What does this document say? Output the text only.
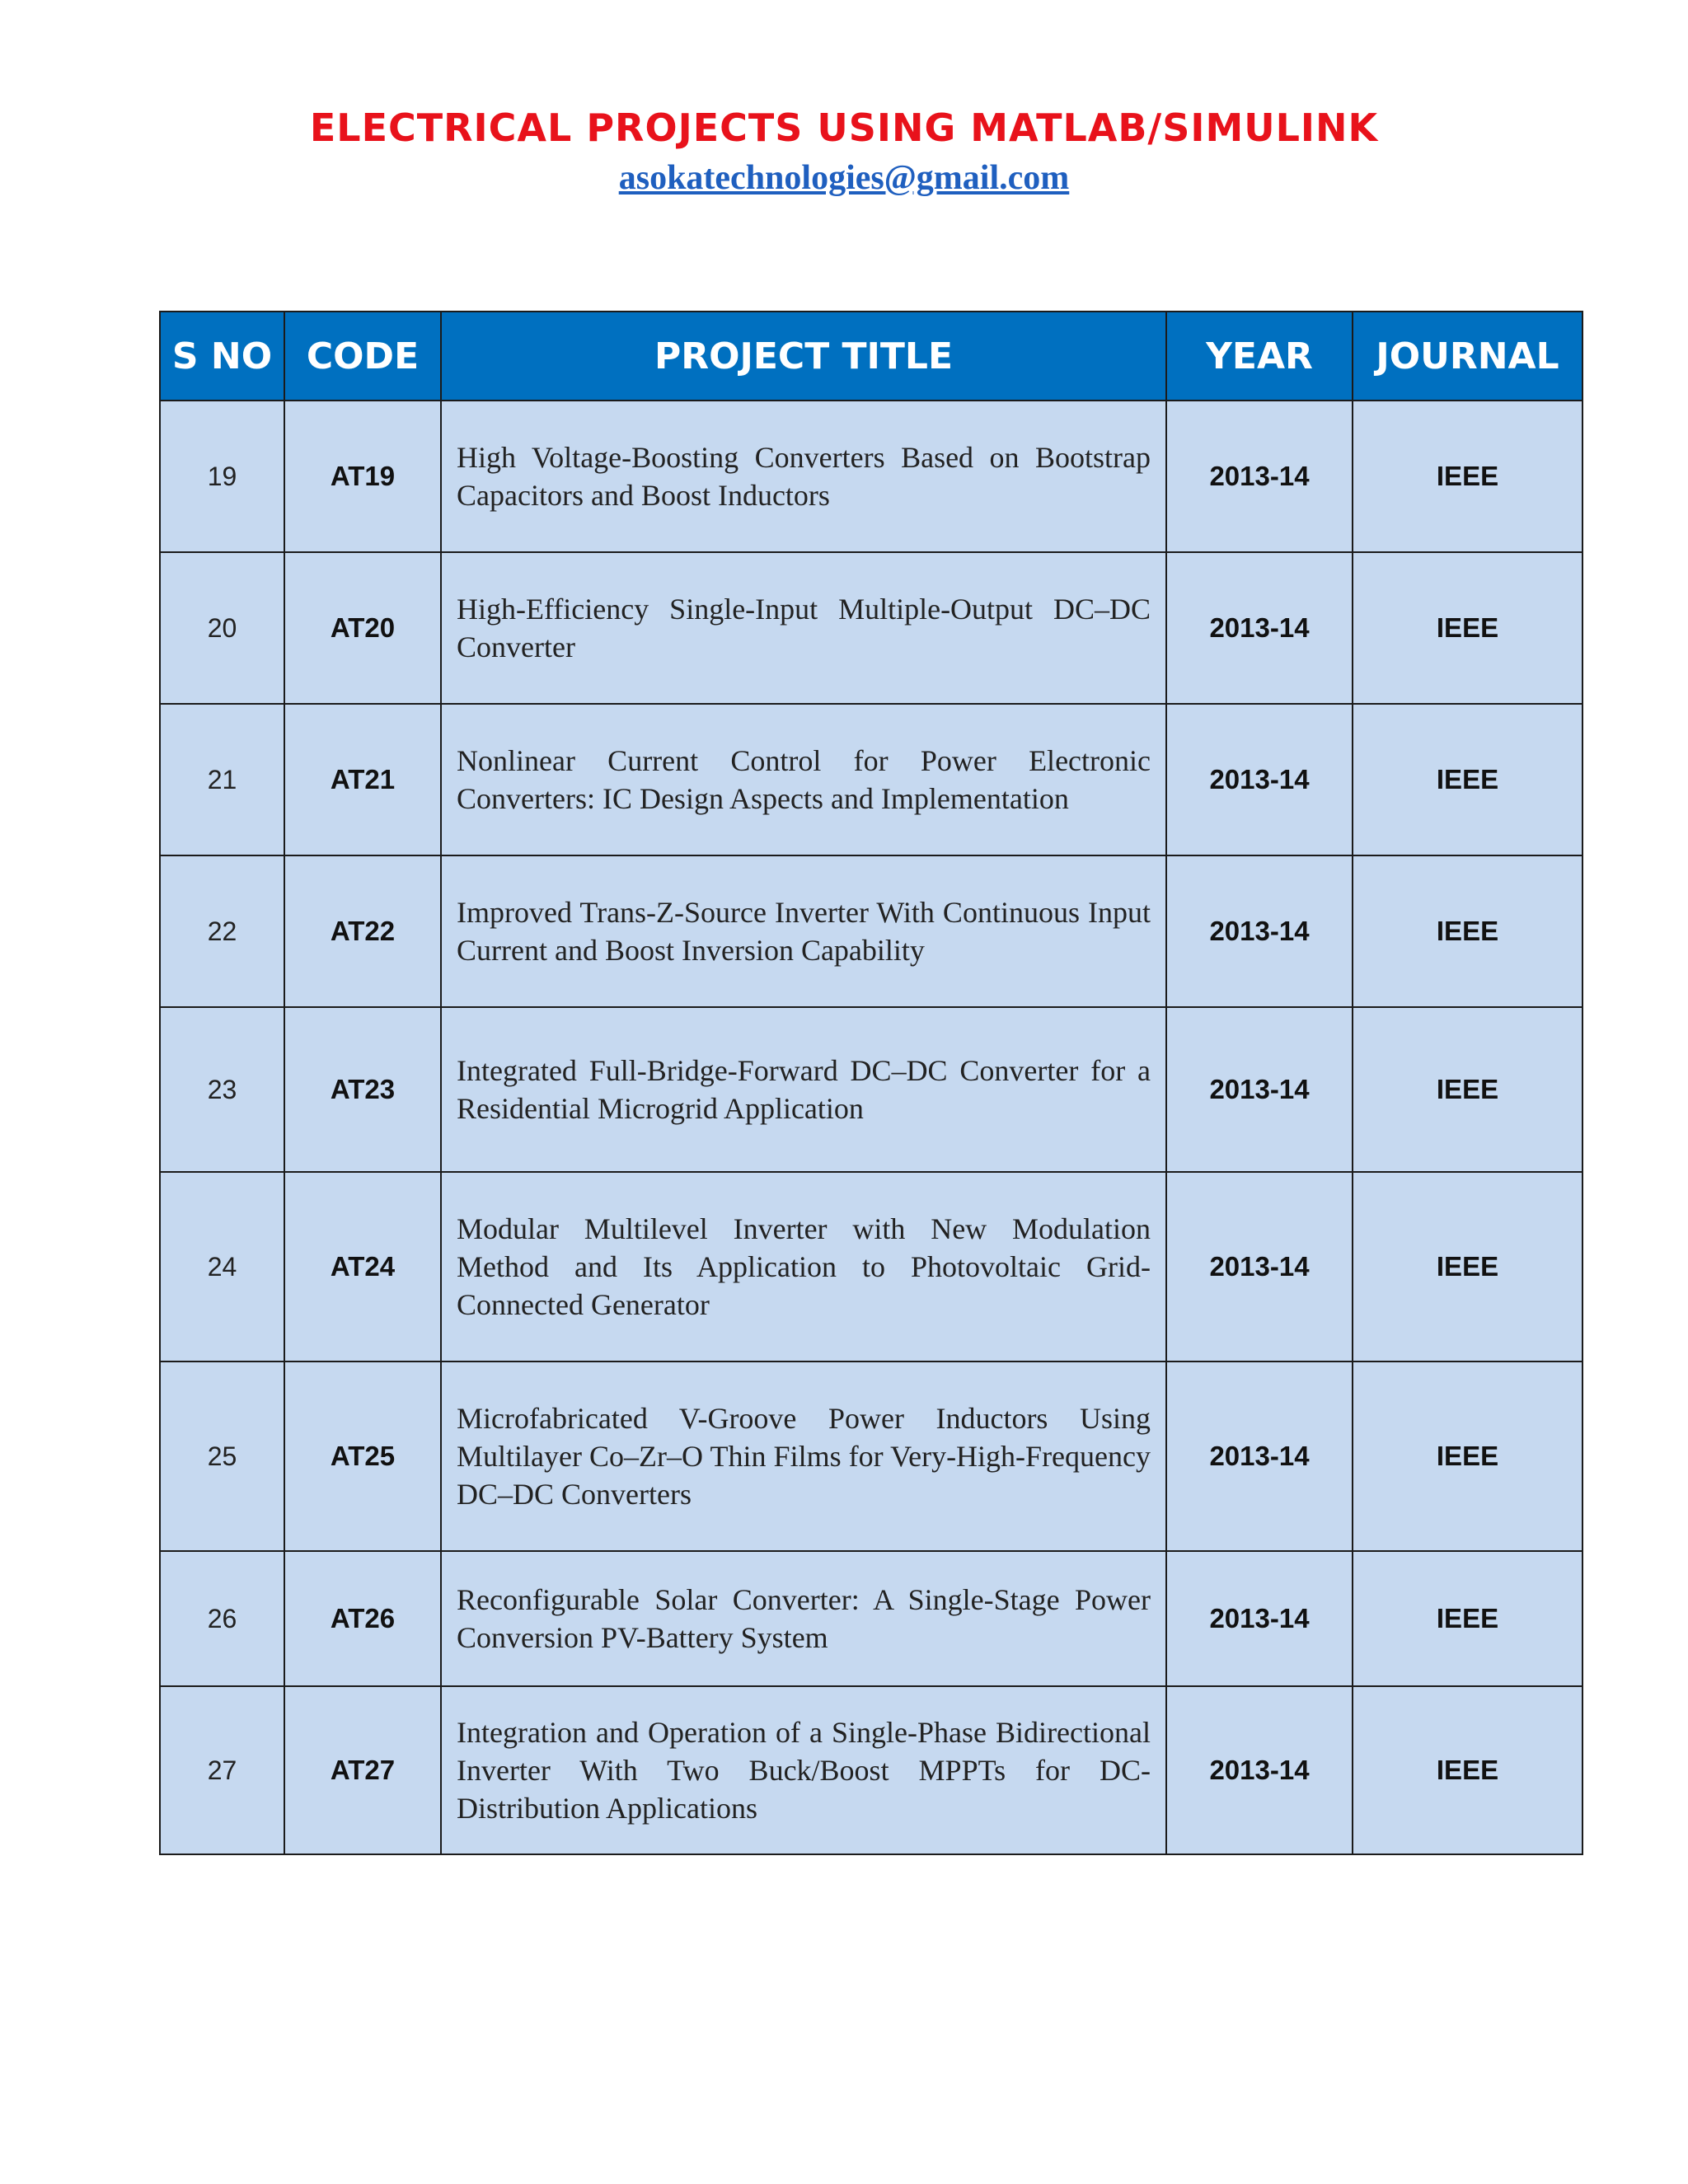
ELECTRICAL PROJECTS USING MATLAB/SIMULINK
asokatechnologies@gmail.com
S NO	CODE	PROJECT TITLE	YEAR	JOURNAL
19	AT19	High Voltage-Boosting Converters Based on Bootstrap Capacitors and Boost Inductors	2013-14	IEEE
20	AT20	High-Efficiency Single-Input Multiple-Output DC–DC Converter	2013-14	IEEE
21	AT21	Nonlinear Current Control for Power Electronic Converters: IC Design Aspects and Implementation	2013-14	IEEE
22	AT22	Improved Trans-Z-Source Inverter With Continuous Input Current and Boost Inversion Capability	2013-14	IEEE
23	AT23	Integrated Full-Bridge-Forward DC–DC Converter for a Residential Microgrid Application	2013-14	IEEE
24	AT24	Modular Multilevel Inverter with New Modulation Method and Its Application to Photovoltaic Grid-Connected Generator	2013-14	IEEE
25	AT25	Microfabricated V-Groove Power Inductors Using Multilayer Co–Zr–O Thin Films for Very-High-Frequency DC–DC Converters	2013-14	IEEE
26	AT26	Reconfigurable Solar Converter: A Single-Stage Power Conversion PV-Battery System	2013-14	IEEE
27	AT27	Integration and Operation of a Single-Phase Bidirectional Inverter With Two Buck/Boost MPPTs for DC-Distribution Applications	2013-14	IEEE
